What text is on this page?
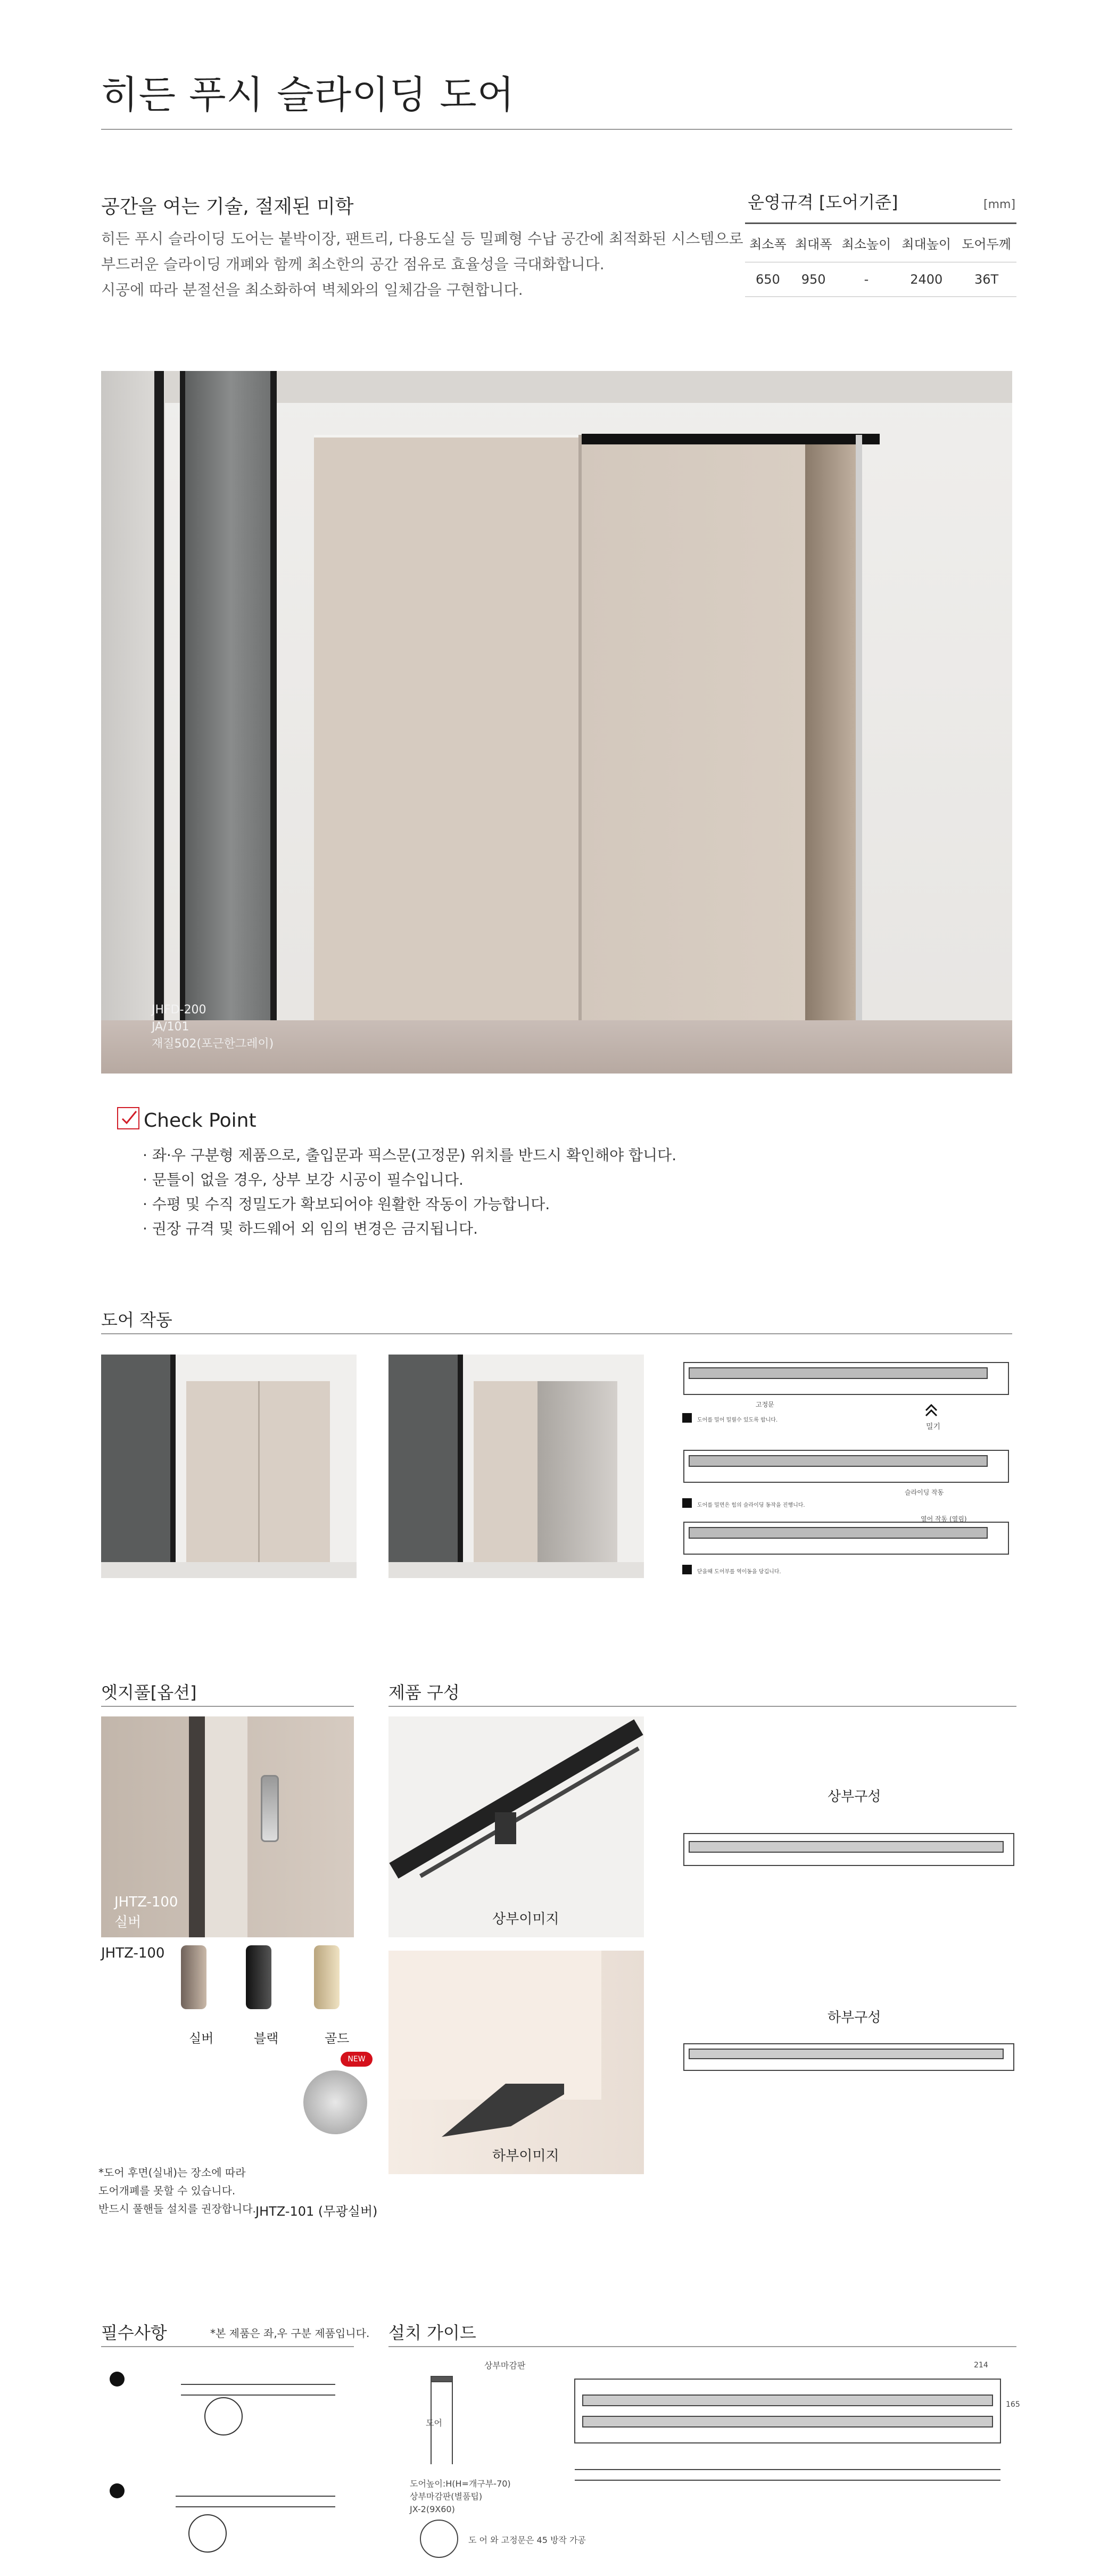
히든 푸시 슬라이딩 도어
공간을 여는 기술, 절제된 미학
히든 푸시 슬라이딩 도어는 붙박이장, 팬트리, 다용도실 등 밀폐형 수납 공간에 최적화된 시스템으로
부드러운 슬라이딩 개폐와 함께 최소한의 공간 점유로 효율성을 극대화합니다.
시공에 따라 분절선을 최소화하여 벽체와의 일체감을 구현합니다.
운영규격 [도어기준]	[mm]
최소폭	최대폭	최소높이	최대높이	도어두께
650	950	-	2400	36T
JHFD-200
JA/101
재질502(포근한그레이)
Check Point
· 좌·우 구분형 제품으로, 출입문과 픽스문(고정문) 위치를 반드시 확인해야 합니다.
· 문틀이 없을 경우, 상부 보강 시공이 필수입니다.
· 수평 및 수직 정밀도가 확보되어야 원활한 작동이 가능합니다.
· 권장 규격 및 하드웨어 외 임의 변경은 금지됩니다.
도어 작동
고정문
밀기
도어를 밀어 밀릴수 있도록 합니다.
슬라이딩 작동
도어를 밀면은 힘의 슬라이딩 동작을 진행니다.
열어 작동 (열림)
닫을때 도어부를 역이동을 당깁니다.
엣지풀[옵션]
JHTZ-100
실버
JHTZ-100
실버	블랙	골드
NEW
JHTZ-101 (무광실버)
*도어 후면(실내)는 장소에 따라
도어개폐를 못할 수 있습니다.
반드시 풀핸들 설치를 권장합니다.
제품 구성
상부이미지
하부이미지
상부구성
하부구성
필수사항	*본 제품은 좌,우 구분 제품입니다. 설치 가이드
상부마감판
도어
도어높이:H(H=개구부-70)
상부마감판(별품팁)
JX-2(9X60)
214
165
도 어 와 고정문은 45 방작 가공
